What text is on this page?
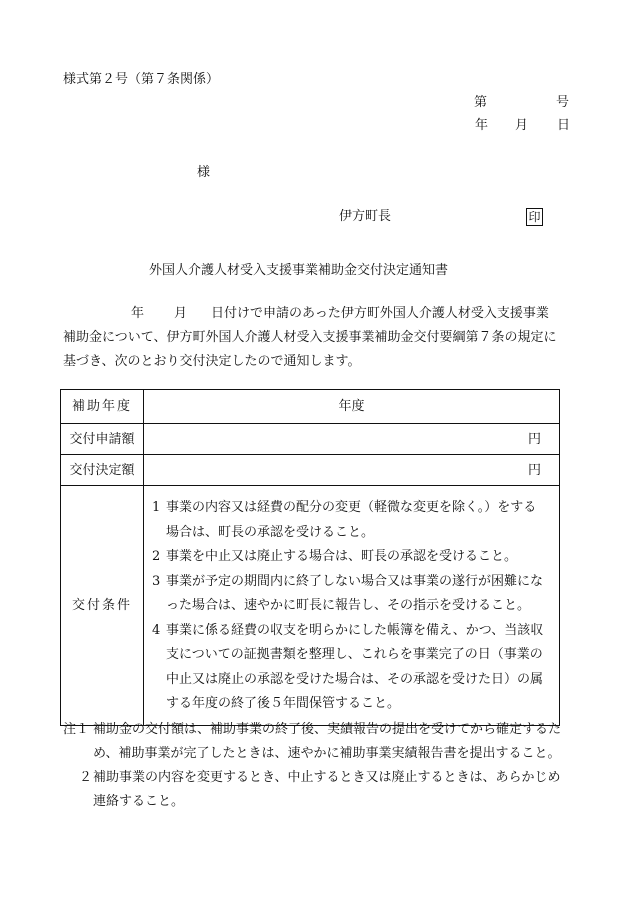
様式第２号（第７条関係）
第	号
年 月 日
様
伊方町長	印
外国人介護人材受入支援事業補助金交付決定通知書
年 月 日付けで申請のあった伊方町外国人介護人材受入支援事業
補助金について、伊方町外国人介護人材受入支援事業補助金交付要綱第７条の規定に
基づき、次のとおり交付決定したので通知します。
補助年度	年度
交付申請額	円
交付決定額	円
交付条件	1 事業の内容又は経費の配分の変更（軽微な変更を除く。）をする場合は、町長の承認を受けること。
2 事業を中止又は廃止する場合は、町長の承認を受けること。
3 事業が予定の期間内に終了しない場合又は事業の遂行が困難になった場合は、速やかに町長に報告し、その指示を受けること。
4 事業に係る経費の収支を明らかにした帳簿を備え、かつ、当該収支についての証拠書類を整理し、これらを事業完了の日（事業の中止又は廃止の承認を受けた場合は、その承認を受けた日）の属する年度の終了後５年間保管すること。
注１ 補助金の交付額は、補助事業の終了後、実績報告の提出を受けてから確定するため、補助事業が完了したときは、速やかに補助事業実績報告書を提出すること。
２ 補助事業の内容を変更するとき、中止するとき又は廃止するときは、あらかじめ連絡すること。
